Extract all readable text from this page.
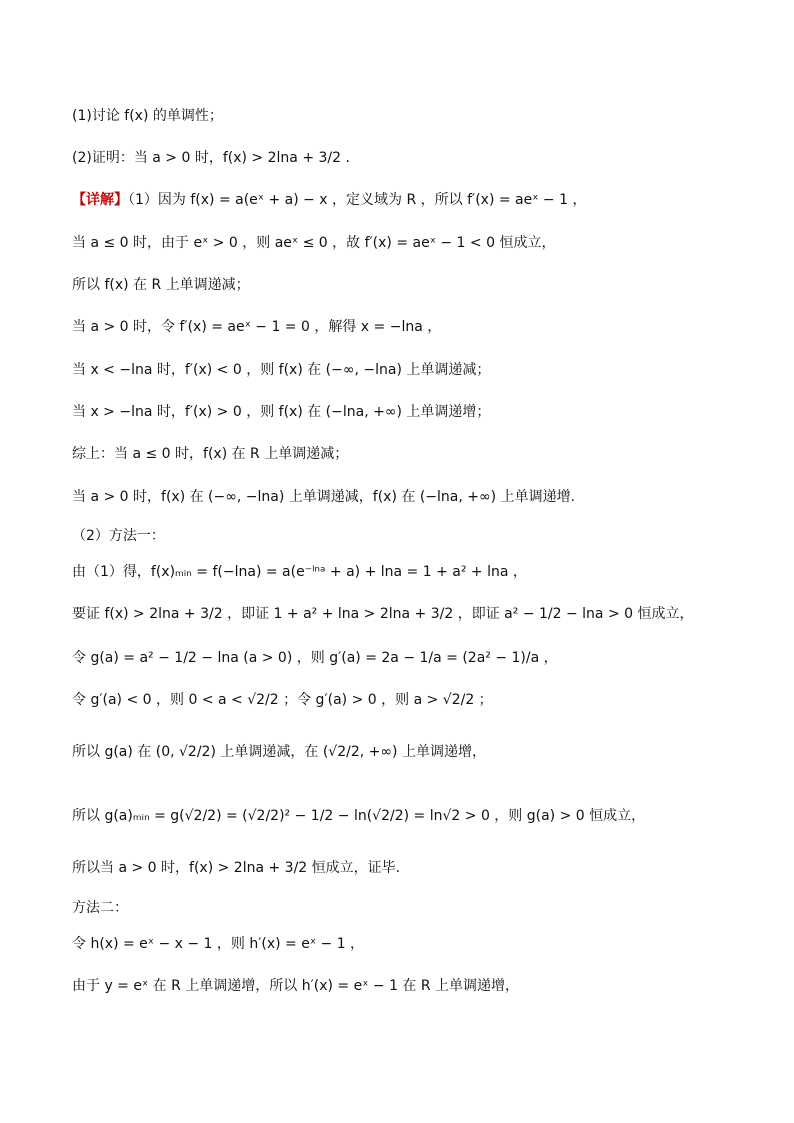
(1)讨论 f(x) 的单调性；
(2)证明：当 a > 0 时，f(x) > 2lna + 3/2 .
【详解】（1）因为 f(x) = a(eˣ + a) − x ，定义域为 R ，所以 f′(x) = aeˣ − 1 ，
当 a ≤ 0 时，由于 eˣ > 0 ，则 aeˣ ≤ 0 ，故 f′(x) = aeˣ − 1 < 0 恒成立，
所以 f(x) 在 R 上单调递减；
当 a > 0 时，令 f′(x) = aeˣ − 1 = 0 ，解得 x = −lna ，
当 x < −lna 时，f′(x) < 0 ，则 f(x) 在 (−∞, −lna) 上单调递减；
当 x > −lna 时，f′(x) > 0 ，则 f(x) 在 (−lna, +∞) 上单调递增；
综上：当 a ≤ 0 时，f(x) 在 R 上单调递减；
当 a > 0 时，f(x) 在 (−∞, −lna) 上单调递减，f(x) 在 (−lna, +∞) 上单调递增.
（2）方法一：
由（1）得，f(x)ₘᵢₙ = f(−lna) = a(e⁻ˡⁿᵃ + a) + lna = 1 + a² + lna ，
要证 f(x) > 2lna + 3/2 ，即证 1 + a² + lna > 2lna + 3/2 ，即证 a² − 1/2 − lna > 0 恒成立，
令 g(a) = a² − 1/2 − lna (a > 0) ，则 g′(a) = 2a − 1/a = (2a² − 1)/a ，
令 g′(a) < 0 ，则 0 < a < √2/2 ；令 g′(a) > 0 ，则 a > √2/2 ；
所以 g(a) 在 (0, √2/2) 上单调递减，在 (√2/2, +∞) 上单调递增，
所以 g(a)ₘᵢₙ = g(√2/2) = (√2/2)² − 1/2 − ln(√2/2) = ln√2 > 0 ，则 g(a) > 0 恒成立，
所以当 a > 0 时，f(x) > 2lna + 3/2 恒成立，证毕.
方法二：
令 h(x) = eˣ − x − 1 ，则 h′(x) = eˣ − 1 ，
由于 y = eˣ 在 R 上单调递增，所以 h′(x) = eˣ − 1 在 R 上单调递增，
